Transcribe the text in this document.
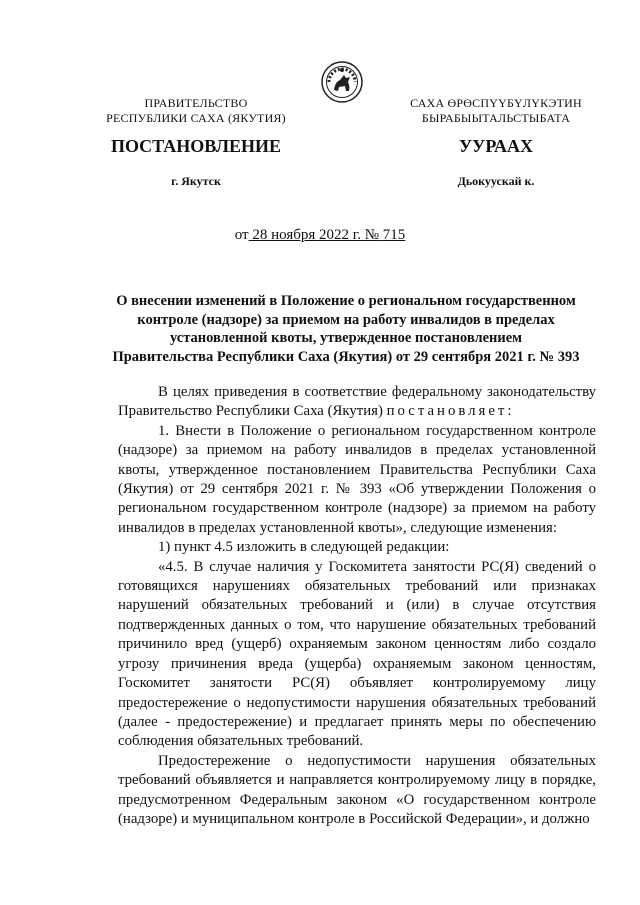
ПРАВИТЕЛЬСТВО
РЕСПУБЛИКИ САХА (ЯКУТИЯ)
САХА ӨРӨСПҮҮБҮЛҮКЭТИН
БЫРАБЫЫТАЛЬСТЫБАТА
ПОСТАНОВЛЕНИЕ	УУРААХ
г. Якутск	Дьокуускай к.
от 28 ноября 2022 г. № 715
О внесении изменений в Положение о региональном государственном
контроле (надзоре) за приемом на работу инвалидов в пределах
установленной квоты, утвержденное постановлением
Правительства Республики Саха (Якутия) от 29 сентября 2021 г. № 393

В целях приведения в соответствие федеральному законодательству Правительство Республики Саха (Якутия) постановляет:

1. Внести в Положение о региональном государственном контроле (надзоре) за приемом на работу инвалидов в пределах установленной квоты, утвержденное постановлением Правительства Республики Саха (Якутия) от 29 сентября 2021 г. № 393 «Об утверждении Положения о региональном государственном контроле (надзоре) за приемом на работу инвалидов в пределах установленной квоты», следующие изменения:

1) пункт 4.5 изложить в следующей редакции:

«4.5. В случае наличия у Госкомитета занятости РС(Я) сведений о готовящихся нарушениях обязательных требований или признаках нарушений обязательных требований и (или) в случае отсутствия подтвержденных данных о том, что нарушение обязательных требований причинило вред (ущерб) охраняемым законом ценностям либо создало угрозу причинения вреда (ущерба) охраняемым законом ценностям, Госкомитет занятости РС(Я) объявляет контролируемому лицу предостережение о недопустимости нарушения обязательных требований (далее - предостережение) и предлагает принять меры по обеспечению соблюдения обязательных требований.

Предостережение о недопустимости нарушения обязательных требований объявляется и направляется контролируемому лицу в порядке, предусмотренном Федеральным законом «О государственном контроле (надзоре) и муниципальном контроле в Российской Федерации», и должно
